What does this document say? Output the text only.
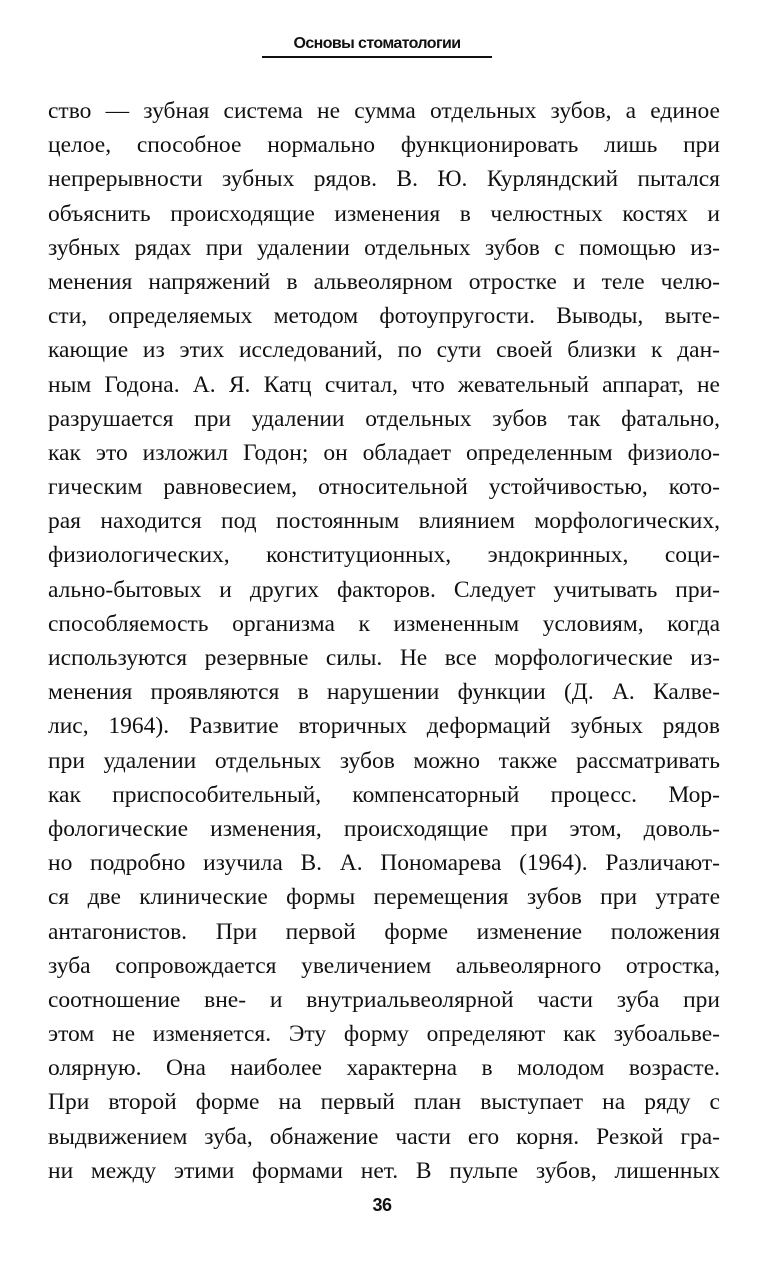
Основы стоматологии
ство — зубная система не сумма отдельных зубов, а единое
целое, способное нормально функционировать лишь при
непрерывности зубных рядов. В. Ю. Курляндский пытался
объяснить происходящие изменения в челюстных костях и
зубных рядах при удалении отдельных зубов с помощью из-
менения напряжений в альвеолярном отростке и теле челю-
сти, определяемых методом фотоупругости. Выводы, выте-
кающие из этих исследований, по сути своей близки к дан-
ным Годона. А. Я. Катц считал, что жевательный аппарат, не
разрушается при удалении отдельных зубов так фатально,
как это изложил Годон; он обладает определенным физиоло-
гическим равновесием, относительной устойчивостью, кото-
рая находится под постоянным влиянием морфологических,
физиологических, конституционных, эндокринных, соци-
ально-бытовых и других факторов. Следует учитывать при-
способляемость организма к измененным условиям, когда
используются резервные силы. Не все морфологические из-
менения проявляются в нарушении функции (Д. А. Калве-
лис, 1964). Развитие вторичных деформаций зубных рядов
при удалении отдельных зубов можно также рассматривать
как приспособительный, компенсаторный процесс. Мор-
фологические изменения, происходящие при этом, доволь-
но подробно изучила В. А. Пономарева (1964). Различают-
ся две клинические формы перемещения зубов при утрате
антагонистов. При первой форме изменение положения
зуба сопровождается увеличением альвеолярного отростка,
соотношение вне- и внутриальвеолярной части зуба при
этом не изменяется. Эту форму определяют как зубоальве-
олярную. Она наиболее характерна в молодом возрасте.
При второй форме на первый план выступает на ряду с
выдвижением зуба, обнажение части его корня. Резкой гра-
ни между этими формами нет. В пульпе зубов, лишенных
36
